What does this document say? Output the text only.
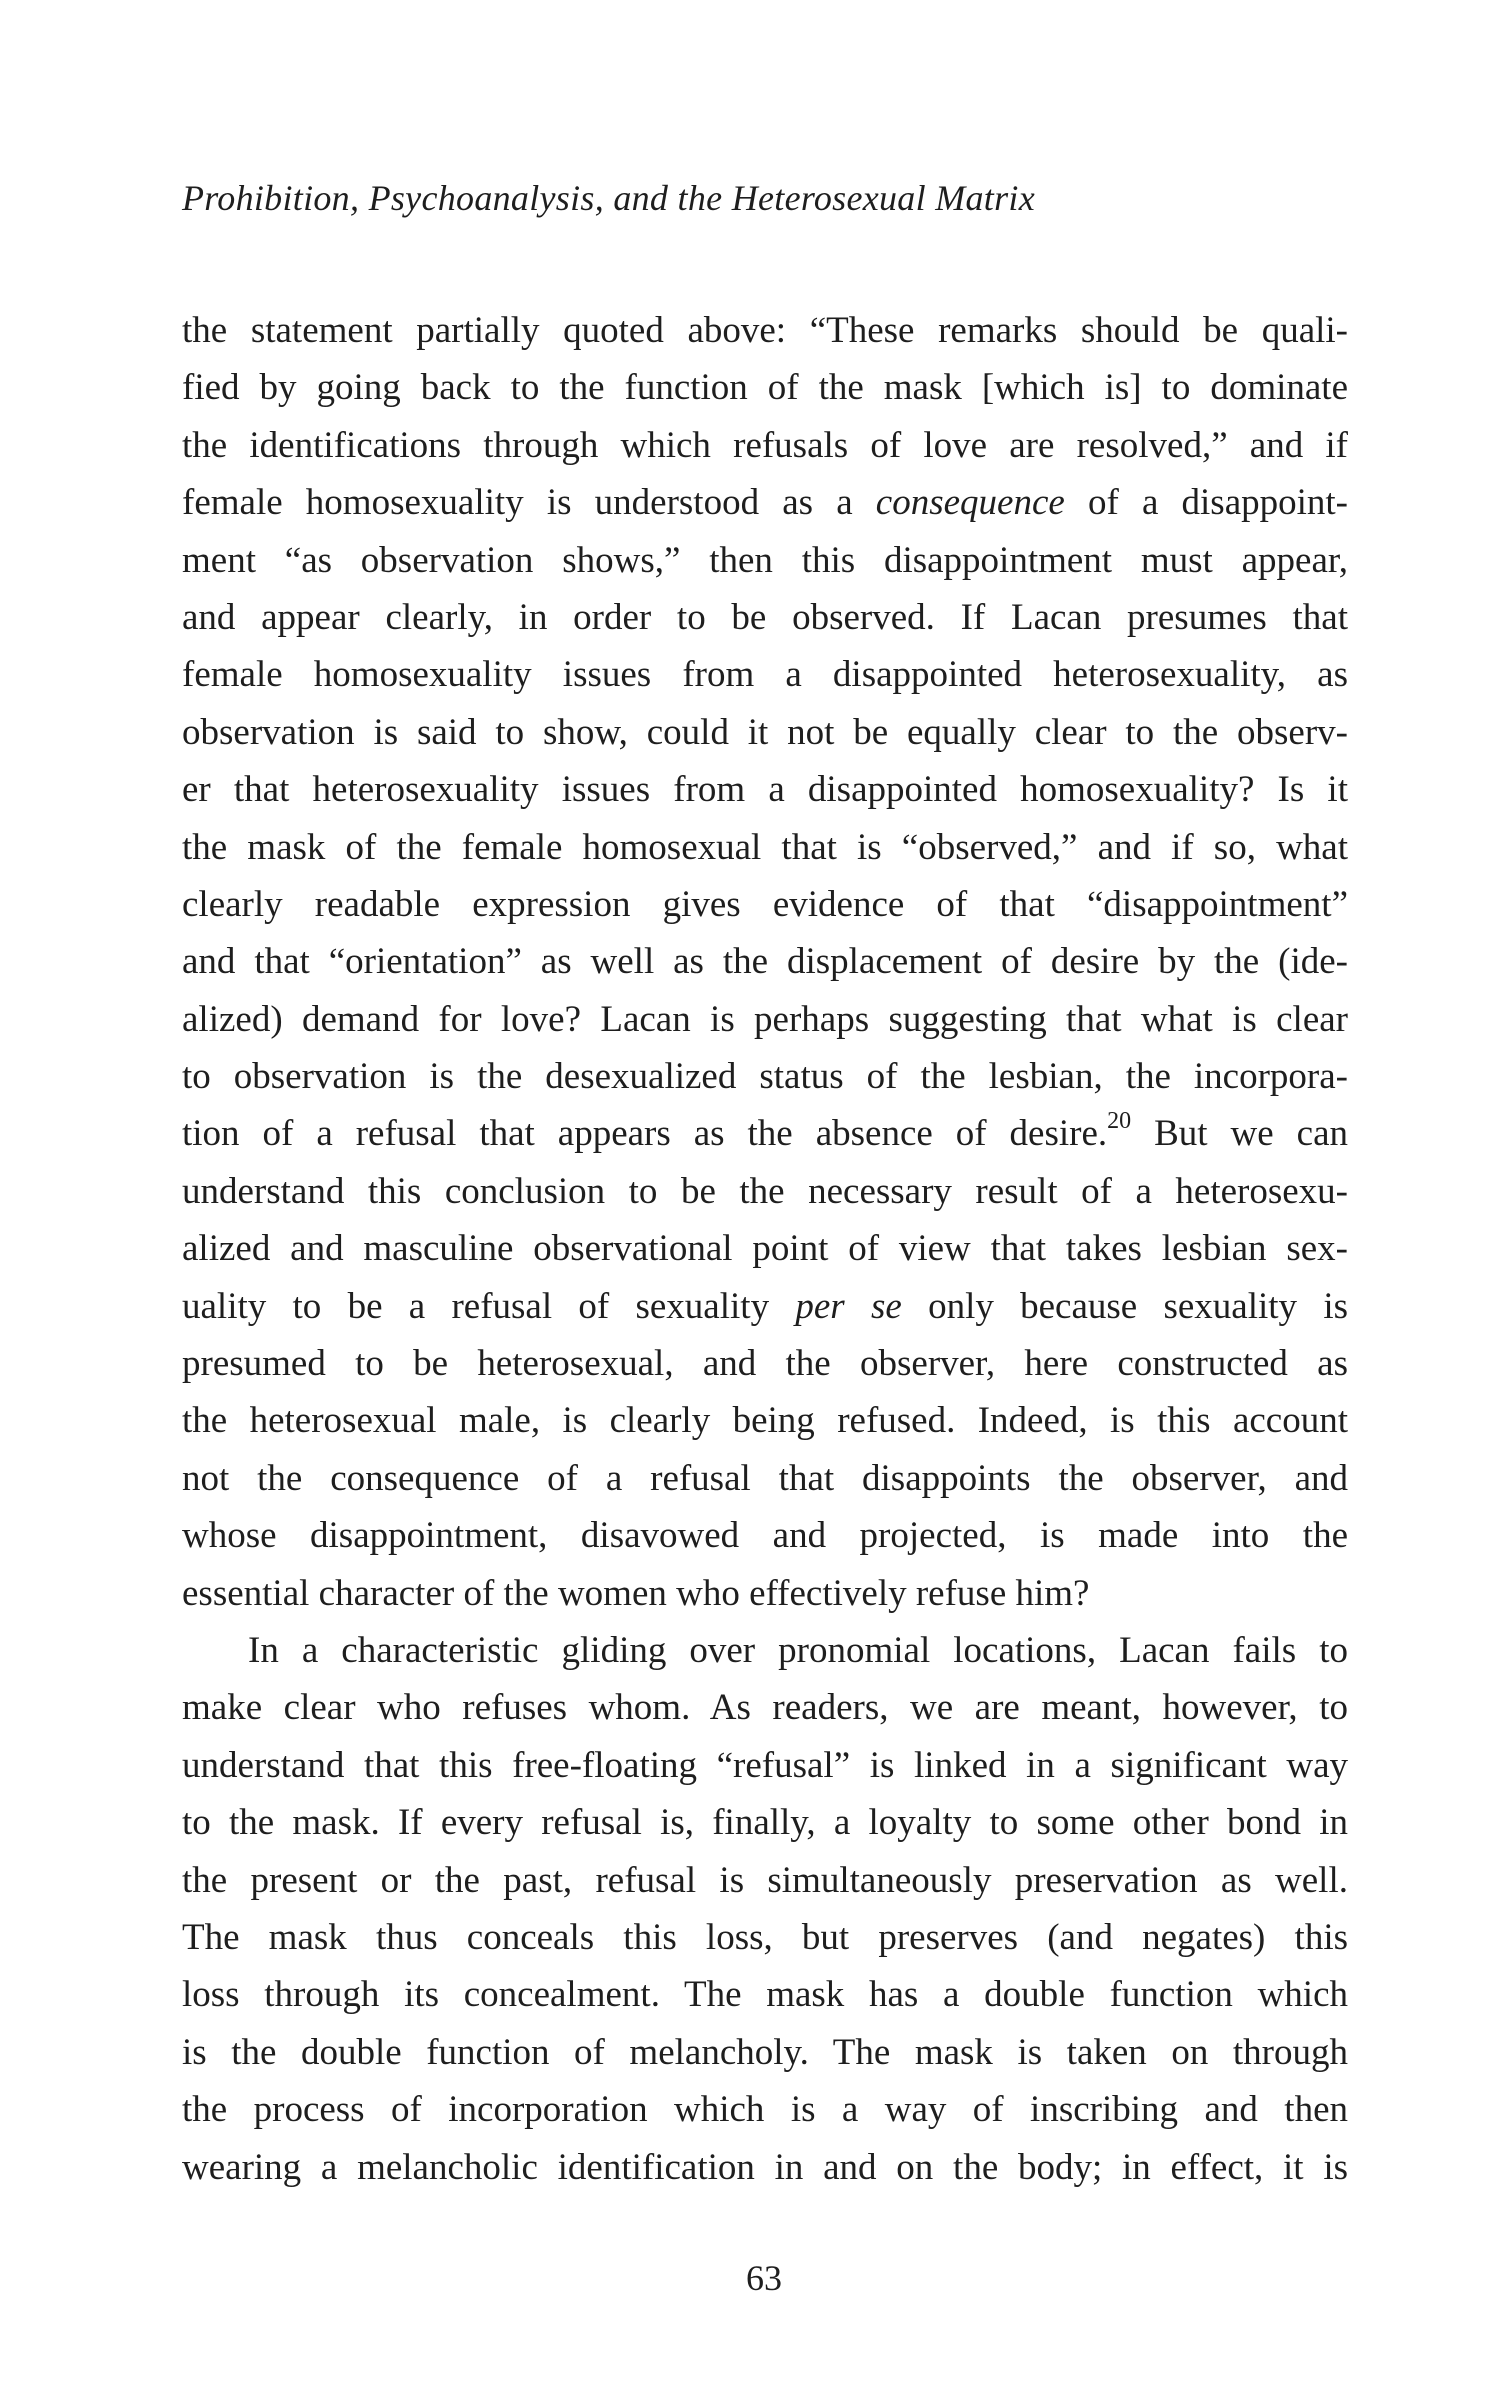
Prohibition, Psychoanalysis, and the Heterosexual Matrix
the statement partially quoted above: “These remarks should be quali-
fied by going back to the function of the mask [which is] to dominate
the identifications through which refusals of love are resolved,” and if
female homosexuality is understood as a consequence of a disappoint-
ment “as observation shows,” then this disappointment must appear,
and appear clearly, in order to be observed. If Lacan presumes that
female homosexuality issues from a disappointed heterosexuality, as
observation is said to show, could it not be equally clear to the observ-
er that heterosexuality issues from a disappointed homosexuality? Is it
the mask of the female homosexual that is “observed,” and if so, what
clearly readable expression gives evidence of that “disappointment”
and that “orientation” as well as the displacement of desire by the (ide-
alized) demand for love? Lacan is perhaps suggesting that what is clear
to observation is the desexualized status of the lesbian, the incorpora-
tion of a refusal that appears as the absence of desire.$^{20}$ But we can
understand this conclusion to be the necessary result of a heterosexu-
alized and masculine observational point of view that takes lesbian sex-
uality to be a refusal of sexuality per se only because sexuality is
presumed to be heterosexual, and the observer, here constructed as
the heterosexual male, is clearly being refused. Indeed, is this account
not the consequence of a refusal that disappoints the observer, and
whose disappointment, disavowed and projected, is made into the
essential character of the women who effectively refuse him?
In a characteristic gliding over pronomial locations, Lacan fails to
make clear who refuses whom. As readers, we are meant, however, to
understand that this free-floating “refusal” is linked in a significant way
to the mask. If every refusal is, finally, a loyalty to some other bond in
the present or the past, refusal is simultaneously preservation as well.
The mask thus conceals this loss, but preserves (and negates) this
loss through its concealment. The mask has a double function which
is the double function of melancholy. The mask is taken on through
the process of incorporation which is a way of inscribing and then
wearing a melancholic identification in and on the body; in effect, it is
63
